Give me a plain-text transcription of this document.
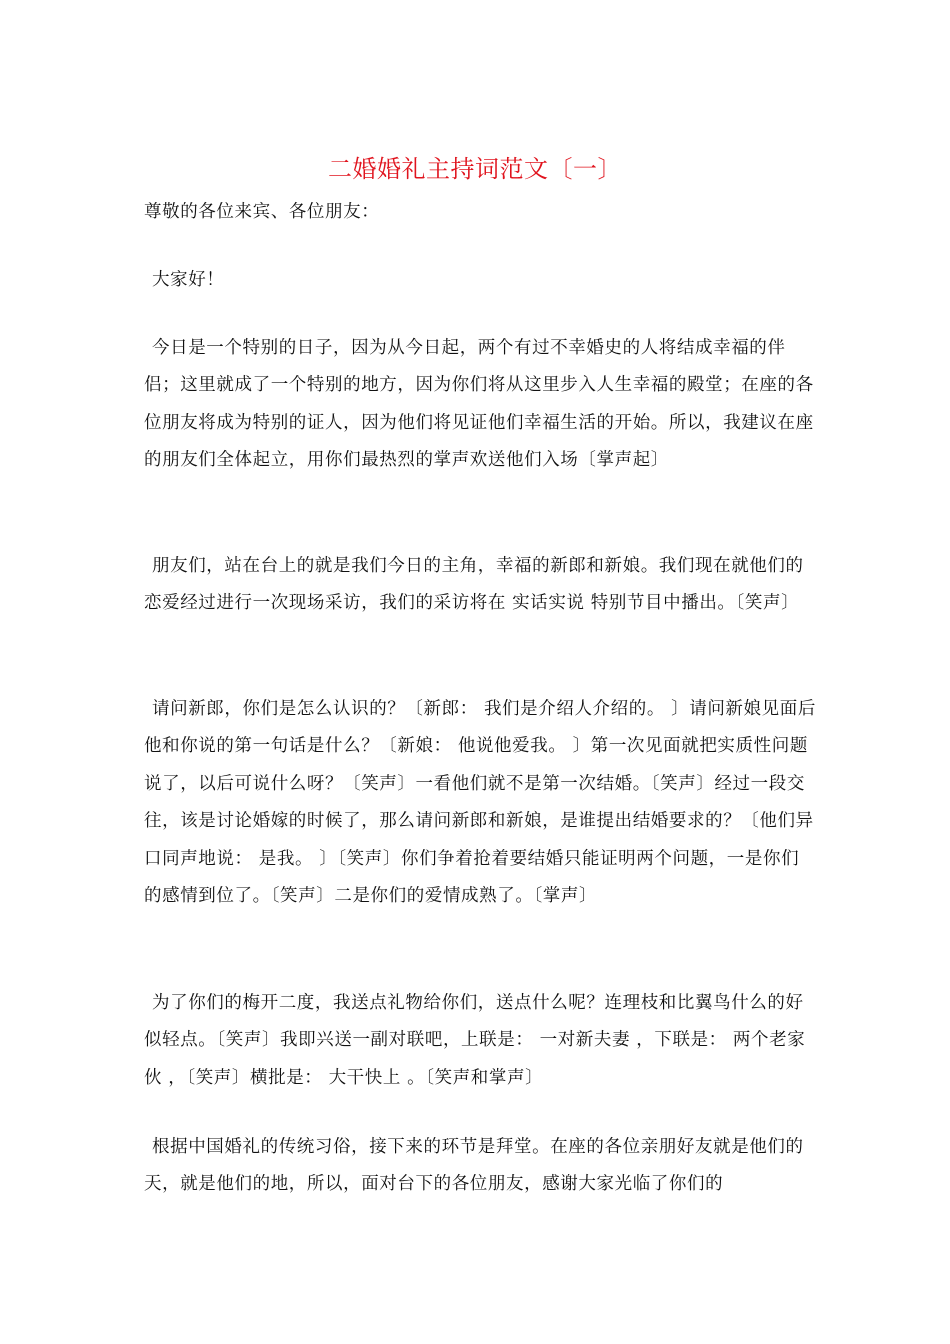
二婚婚礼主持词范文〔一〕

尊敬的各位来宾、各位朋友：

大家好！

今日是一个特别的日子，因为从今日起，两个有过不幸婚史的人将结成幸福的伴侣；这里就成了一个特别的地方，因为你们将从这里步入人生幸福的殿堂；在座的各位朋友将成为特别的证人，因为他们将见证他们幸福生活的开始。所以，我建议在座的朋友们全体起立，用你们最热烈的掌声欢送他们入场〔掌声起〕

朋友们，站在台上的就是我们今日的主角，幸福的新郎和新娘。我们现在就他们的恋爱经过进行一次现场采访，我们的采访将在 实话实说 特别节目中播出。〔笑声〕

请问新郎，你们是怎么认识的？〔新郎： 我们是介绍人介绍的。 〕请问新娘见面后他和你说的第一句话是什么？〔新娘： 他说他爱我。 〕第一次见面就把实质性问题说了，以后可说什么呀？〔笑声〕一看他们就不是第一次结婚。〔笑声〕经过一段交往，该是讨论婚嫁的时候了，那么请问新郎和新娘，是谁提出结婚要求的？〔他们异口同声地说： 是我。 〕〔笑声〕你们争着抢着要结婚只能证明两个问题，一是你们的感情到位了。〔笑声〕二是你们的爱情成熟了。〔掌声〕

为了你们的梅开二度，我送点礼物给你们，送点什么呢？连理枝和比翼鸟什么的好似轻点。〔笑声〕我即兴送一副对联吧，上联是： 一对新夫妻 ，下联是： 两个老家伙 ，〔笑声〕横批是： 大干快上 。〔笑声和掌声〕

根据中国婚礼的传统习俗，接下来的环节是拜堂。在座的各位亲朋好友就是他们的天，就是他们的地，所以，面对台下的各位朋友，感谢大家光临了你们的
